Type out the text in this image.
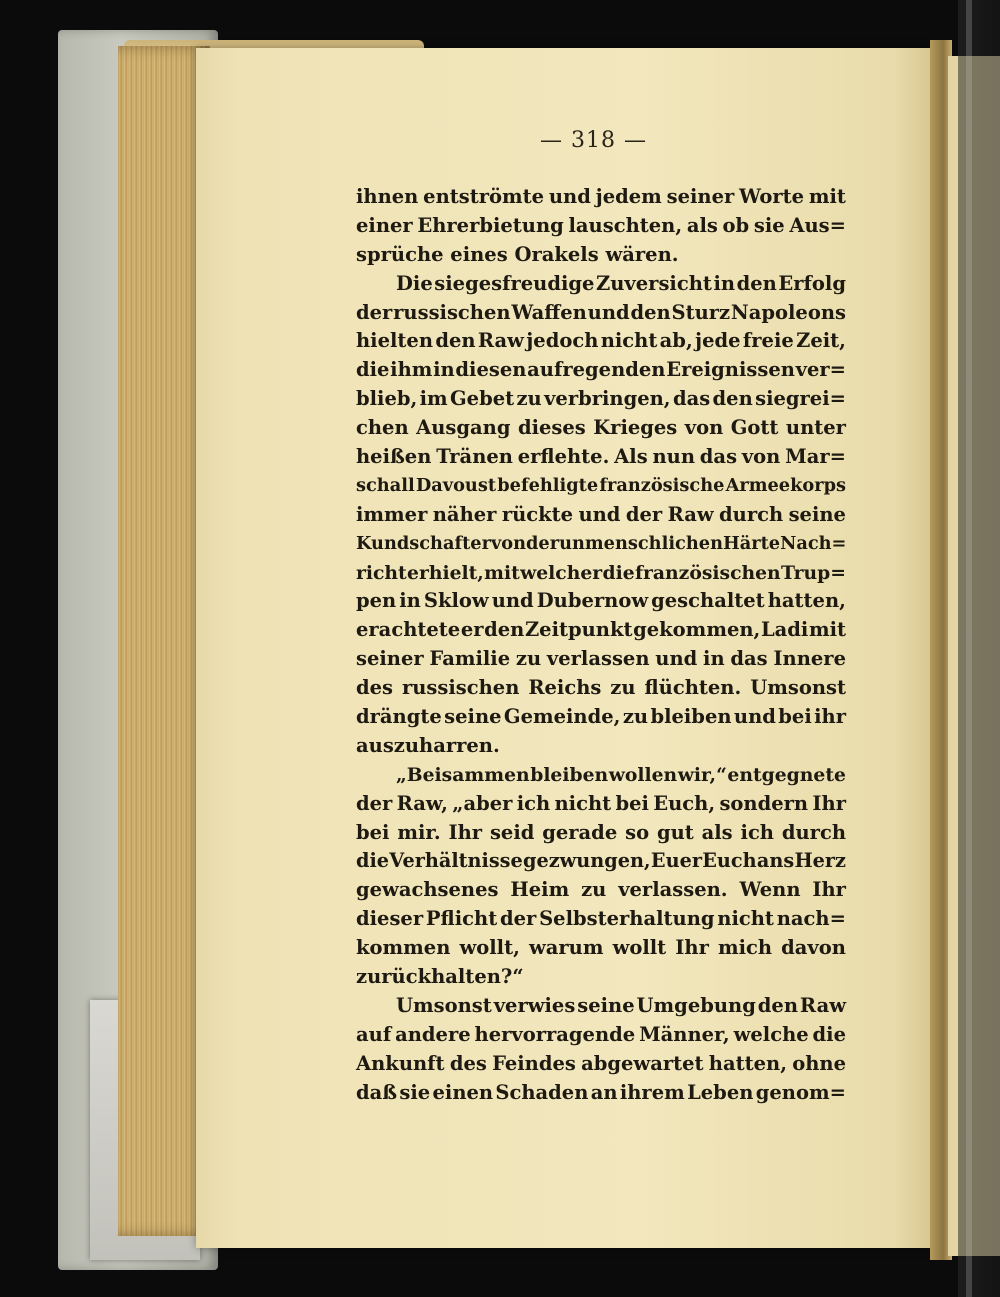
— 318 —
ihnen entströmte und jedem seiner Worte mit
einer Ehrerbietung lauschten, als ob sie Aus=
sprüche eines Orakels wären.
Die siegesfreudige Zuversicht in den Erfolg
der russischen Waffen und den Sturz Napoleons
hielten den Raw jedoch nicht ab, jede freie Zeit,
die ihm in diesen aufregenden Ereignissen ver=
blieb, im Gebet zu verbringen, das den siegrei=
chen Ausgang dieses Krieges von Gott unter
heißen Tränen erflehte. Als nun das von Mar=
schall Davoust befehligte französische Armeekorps
immer näher rückte und der Raw durch seine
Kundschafter von der unmenschlichen Härte Nach=
richt erhielt, mit welcher die französischen Trup=
pen in Sklow und Dubernow geschaltet hatten,
erachtete er den Zeitpunkt gekommen, Ladi mit
seiner Familie zu verlassen und in das Innere
des russischen Reichs zu flüchten. Umsonst
drängte seine Gemeinde, zu bleiben und bei ihr
auszuharren.
„Beisammen bleiben wollen wir,“ entgegnete
der Raw, „aber ich nicht bei Euch, sondern Ihr
bei mir. Ihr seid gerade so gut als ich durch
die Verhältnisse gezwungen, Euer Euch ans Herz
gewachsenes Heim zu verlassen. Wenn Ihr
dieser Pflicht der Selbsterhaltung nicht nach=
kommen wollt, warum wollt Ihr mich davon
zurückhalten?“
Umsonst verwies seine Umgebung den Raw
auf andere hervorragende Männer, welche die
Ankunft des Feindes abgewartet hatten, ohne
daß sie einen Schaden an ihrem Leben genom=
